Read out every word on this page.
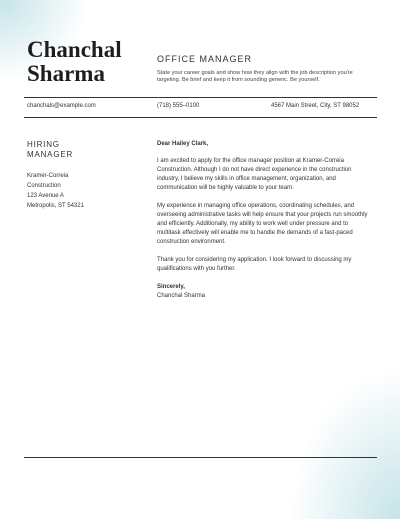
Chanchal
Sharma
OFFICE MANAGER
State your career goals and show how they align with the job description you're targeting. Be brief and keep it from sounding generic. Be yourself.
chanchals@example.com	(718) 555–0100	4567 Main Street, City, ST 98052
HIRING
MANAGER
Kramer-Correia
Construction
123 Avenue A
Metropolis, ST 54321
Dear Hailey Clark,

I am excited to apply for the office manager position at Kramer-Correia Construction. Although I do not have direct experience in the construction industry, I believe my skills in office management, organization, and communication will be highly valuable to your team.

My experience in managing office operations, coordinating schedules, and overseeing administrative tasks will help ensure that your projects run smoothly and efficiently. Additionally, my ability to work well under pressure and to multitask effectively will enable me to handle the demands of a fast-paced construction environment.

Thank you for considering my application. I look forward to discussing my qualifications with you further.

Sincerely,
Chanchal Sharma
